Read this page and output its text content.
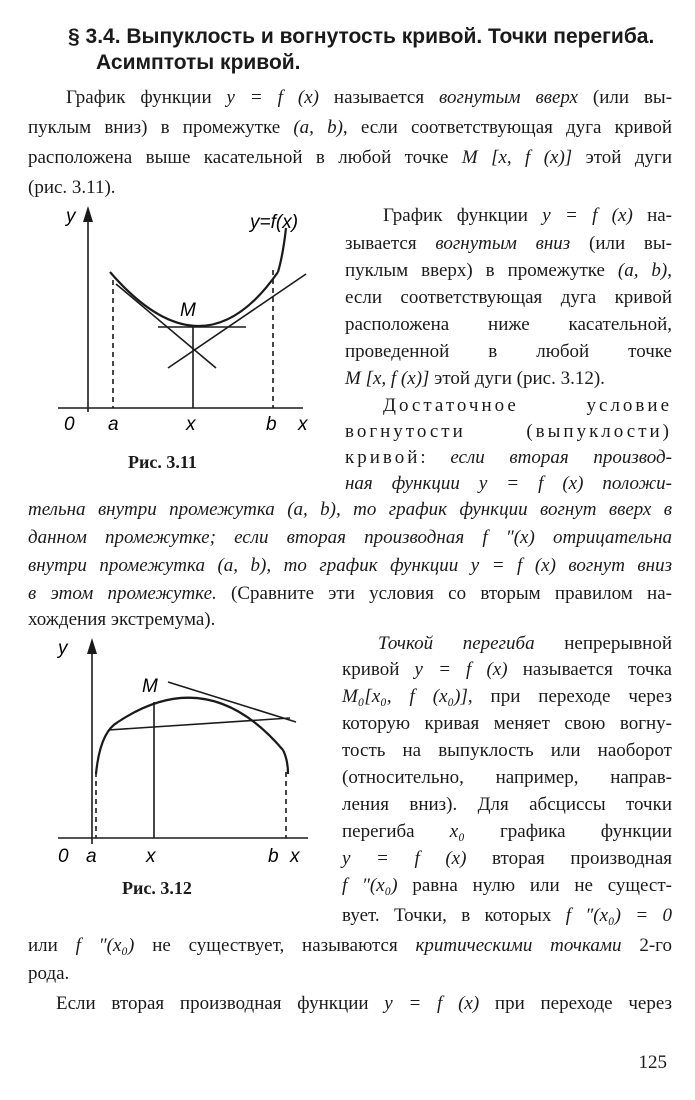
§ 3.4. Выпуклость и вогнутость кривой. Точки перегиба.
Асимптоты кривой.
График функции y = f (x) называется вогнутым вверх (или вы-
пуклым вниз) в промежутке (a, b), если соответствующая дуга кривой
расположена выше касательной в любой точке M [x, f (x)] этой дуги
(рис. 3.11).
y
0 a	x	b x
M
y=f(x)
Рис. 3.11
График функции y = f (x) на-
зывается вогнутым вниз (или вы-
пуклым вверх) в промежутке (a, b),
если соответствующая дуга кривой
расположена ниже касательной,
проведенной в любой точке
M [x, f (x)] этой дуги (рис. 3.12).
Достаточное условие
вогнутости (выпуклости)
кривой: если вторая производ-
ная функции y = f (x) положи-
тельна внутри промежутка (a, b), то график функции вогнут вверх в
данном промежутке; если вторая производная f ″(x) отрицательна
внутри промежутка (a, b), то график функции y = f (x) вогнут вниз
в этом промежутке. (Сравните эти условия со вторым правилом на-
хождения экстремума).
y
0 a	x	b x
M
Рис. 3.12
Точкой перегиба непрерывной
кривой y = f (x) называется точка
M₀[x₀, f (x₀)], при переходе через
которую кривая меняет свою вогну-
тость на выпуклость или наоборот
(относительно, например, направ-
ления вниз). Для абсциссы точки
перегиба x₀ графика функции
y = f (x) вторая производная
f ″(x₀) равна нулю или не сущест-
вует. Точки, в которых f ″(x₀) = 0
или f ″(x₀) не существует, называются критическими точками 2-го
рода.
Если вторая производная функции y = f (x) при переходе через
125
